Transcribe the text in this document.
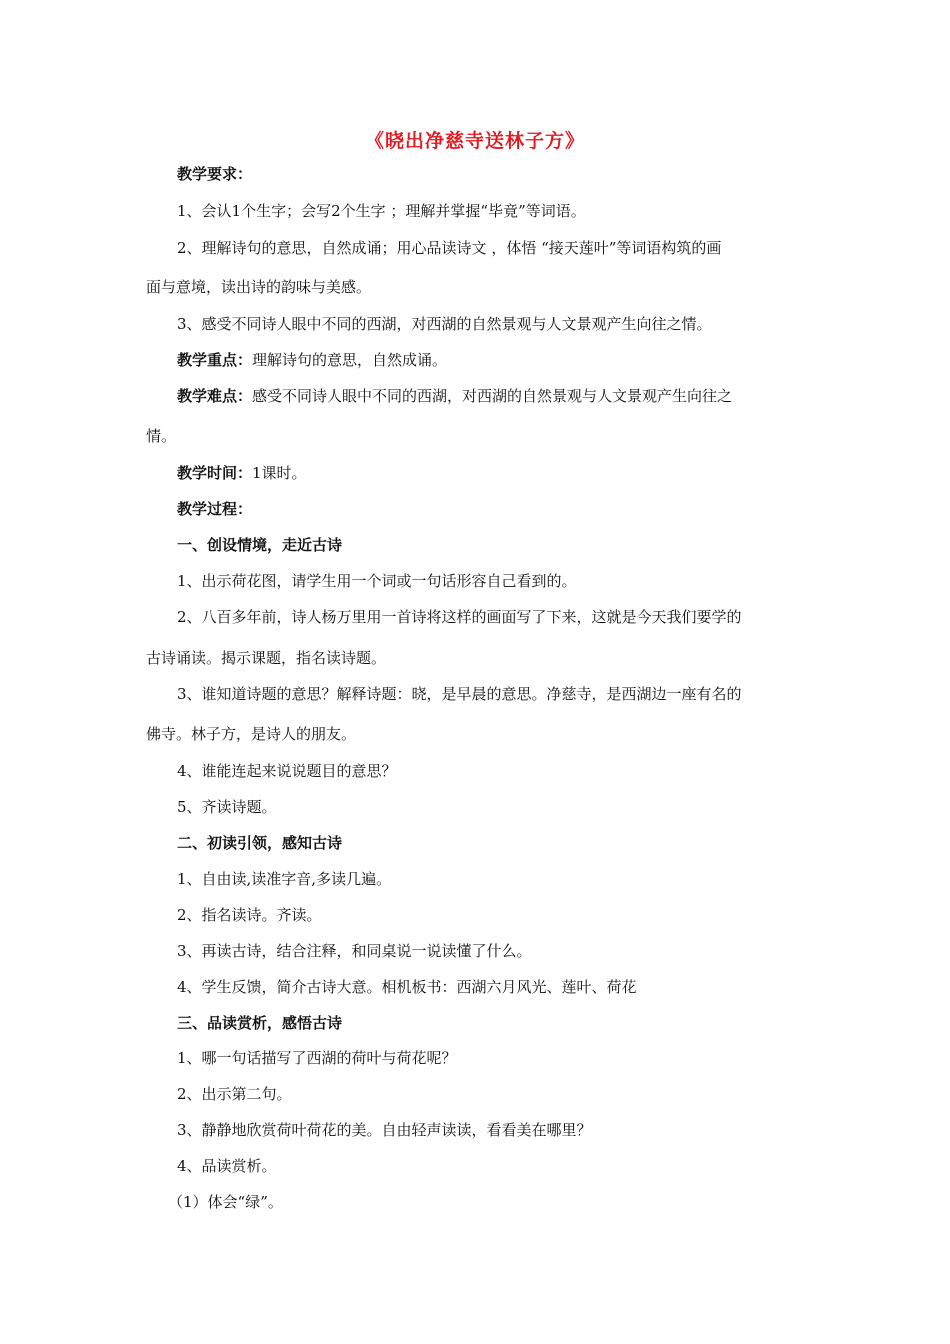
《晓出净慈寺送林子方》
教学要求：
1、会认1个生字；会写2个生字 ；理解并掌握“毕竟”等词语。
2、理解诗句的意思，自然成诵；用心品读诗文 ，体悟 “接天莲叶”等词语构筑的画
面与意境，读出诗的韵味与美感。
3、感受不同诗人眼中不同的西湖，对西湖的自然景观与人文景观产生向往之情。
教学重点：理解诗句的意思，自然成诵。
教学难点：感受不同诗人眼中不同的西湖，对西湖的自然景观与人文景观产生向往之
情。
教学时间：1课时。
教学过程：
一、创设情境，走近古诗
1、出示荷花图，请学生用一个词或一句话形容自己看到的。
2、八百多年前，诗人杨万里用一首诗将这样的画面写了下来，这就是今天我们要学的
古诗诵读。揭示课题，指名读诗题。
3、谁知道诗题的意思？解释诗题：晓，是早晨的意思。净慈寺，是西湖边一座有名的
佛寺。林子方，是诗人的朋友。
4、谁能连起来说说题目的意思？
5、齐读诗题。
二、初读引领，感知古诗
1、自由读,读准字音,多读几遍。
2、指名读诗。齐读。
3、再读古诗，结合注释，和同桌说一说读懂了什么。
4、学生反馈，简介古诗大意。相机板书：西湖六月风光、莲叶、荷花
三、品读赏析，感悟古诗
1、哪一句话描写了西湖的荷叶与荷花呢？
2、出示第二句。
3、静静地欣赏荷叶荷花的美。自由轻声读读，看看美在哪里？
4、品读赏析。
（1）体会“绿”。
